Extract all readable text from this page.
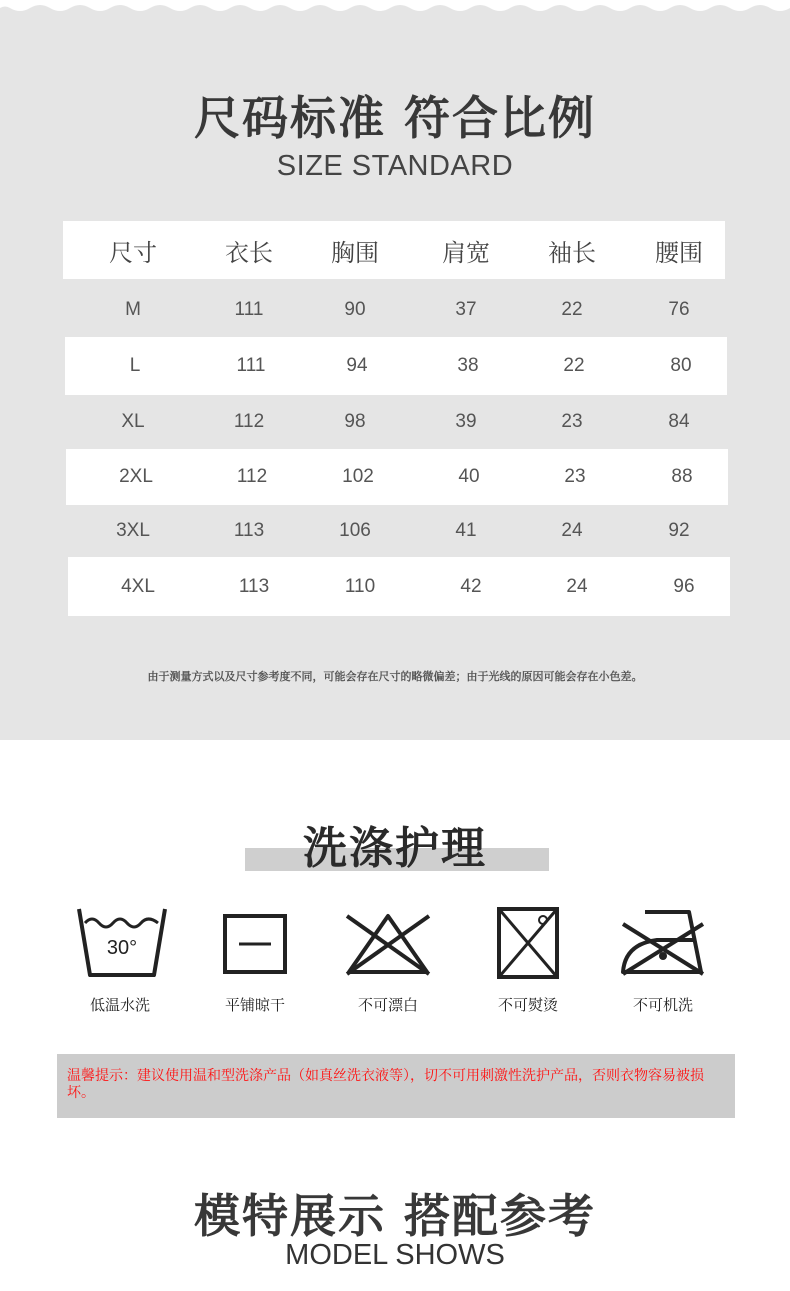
尺码标准 符合比例
SIZE STANDARD
尺寸	衣长	胸围	肩宽	袖长	腰围
M	111	90	37	22	76
L	111	94	38	22	80
XL	112	98	39	23	84
2XL	112	102	40	23	88
3XL	113	106	41	24	92
4XL	113	110	42	24	96
由于测量方式以及尺寸参考度不同，可能会存在尺寸的略微偏差；由于光线的原因可能会存在小色差。
洗涤护理
30°
低温水洗	平铺晾干	不可漂白	不可熨烫	不可机洗
温馨提示：建议使用温和型洗涤产品（如真丝洗衣液等），切不可用刺激性洗护产品，否则衣物容易被损坏。
模特展示 搭配参考
MODEL SHOWS
